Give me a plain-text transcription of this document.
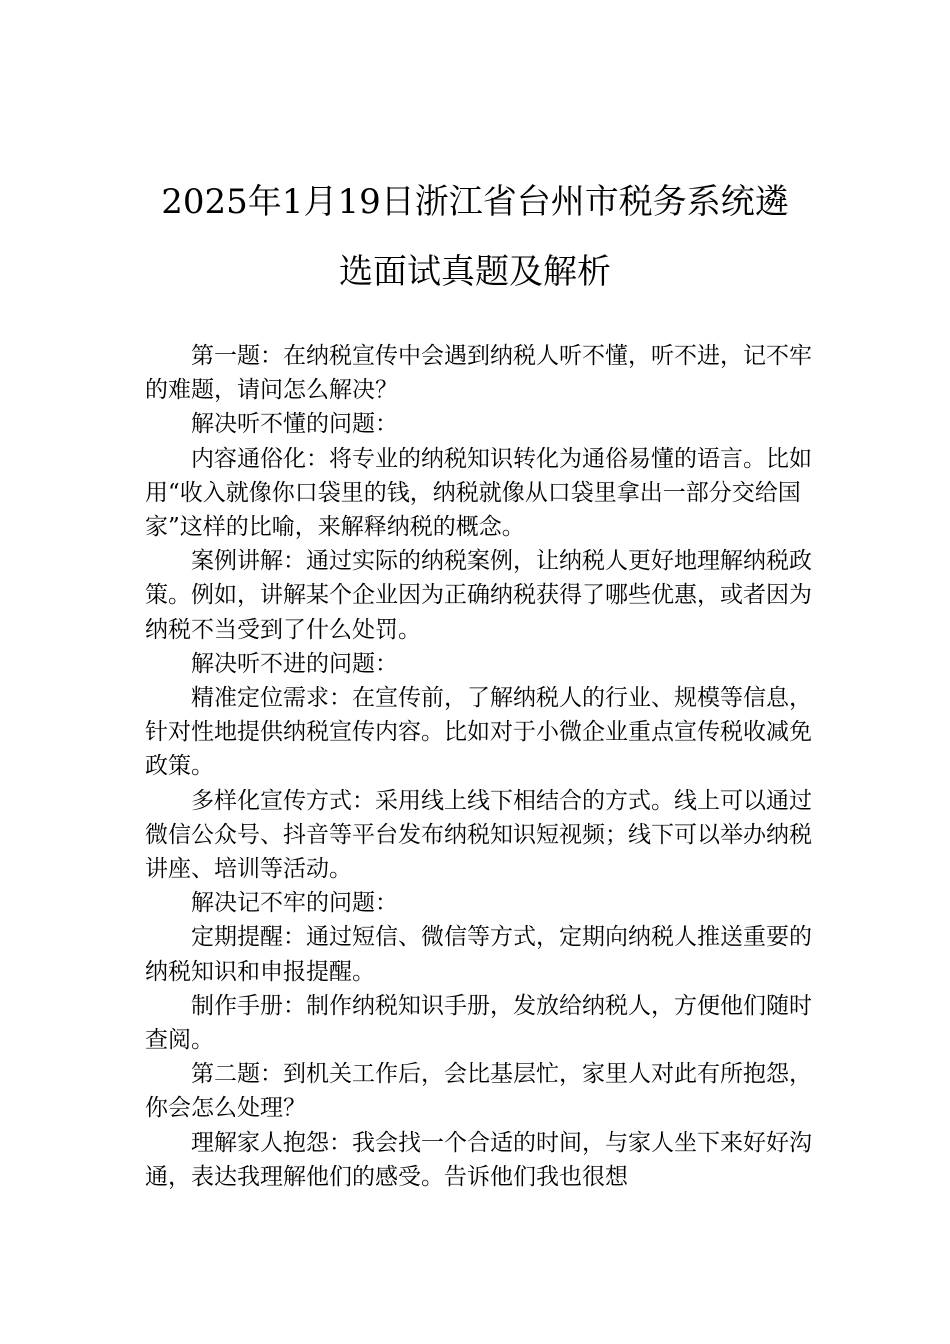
2025年1月19日浙江省台州市税务系统遴
选面试真题及解析

第一题：在纳税宣传中会遇到纳税人听不懂，听不进，记不牢的难题，请问怎么解决？

解决听不懂的问题：

内容通俗化：将专业的纳税知识转化为通俗易懂的语言。比如用“收入就像你口袋里的钱，纳税就像从口袋里拿出一部分交给国家”这样的比喻，来解释纳税的概念。

案例讲解：通过实际的纳税案例，让纳税人更好地理解纳税政策。例如，讲解某个企业因为正确纳税获得了哪些优惠，或者因为纳税不当受到了什么处罚。

解决听不进的问题：

精准定位需求：在宣传前，了解纳税人的行业、规模等信息，针对性地提供纳税宣传内容。比如对于小微企业重点宣传税收减免政策。

多样化宣传方式：采用线上线下相结合的方式。线上可以通过微信公众号、抖音等平台发布纳税知识短视频；线下可以举办纳税讲座、培训等活动。

解决记不牢的问题：

定期提醒：通过短信、微信等方式，定期向纳税人推送重要的纳税知识和申报提醒。

制作手册：制作纳税知识手册，发放给纳税人，方便他们随时查阅。

第二题：到机关工作后，会比基层忙，家里人对此有所抱怨，你会怎么处理？

理解家人抱怨：我会找一个合适的时间，与家人坐下来好好沟通，表达我理解他们的感受。告诉他们我也很想
